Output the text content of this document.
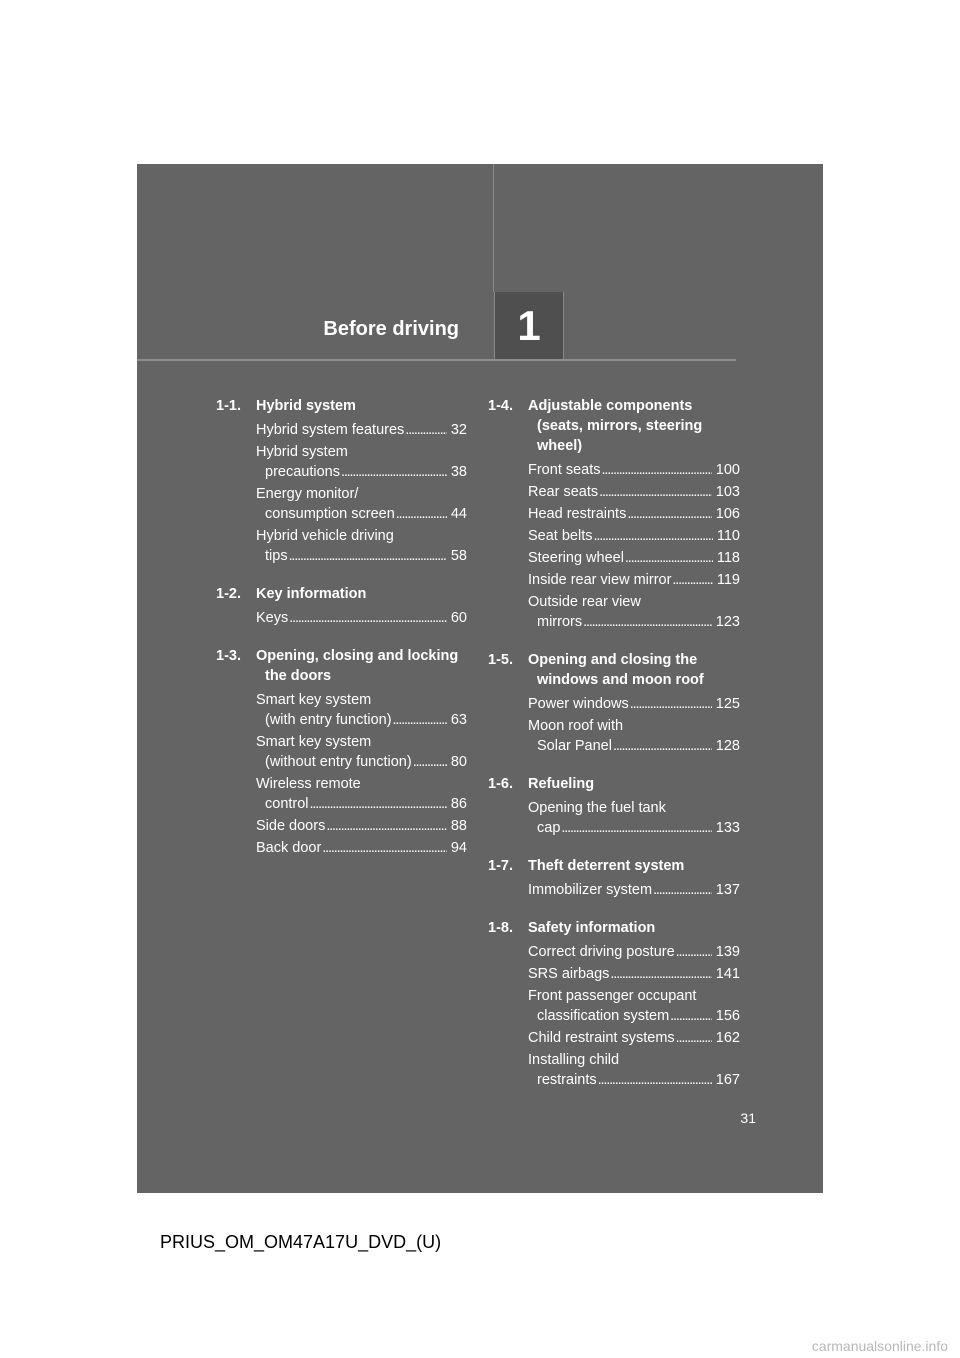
Before driving	1
1-1.	Hybrid system
Hybrid system features . . .	32
Hybrid system
precautions . . .	38
Energy monitor/
consumption screen . . .	44
Hybrid vehicle driving
tips . . .	58
1-2.	Key information
Keys . . .	60
1-3.	Opening, closing and locking
the doors
Smart key system
(with entry function) . . .	63
Smart key system
(without entry function) . . .	80
Wireless remote
control . . .	86
Side doors . . .	88
Back door . . .	94
1-4.	Adjustable components
(seats, mirrors, steering
wheel)
Front seats . . .	100
Rear seats . . .	103
Head restraints . . .	106
Seat belts . . .	110
Steering wheel . . .	118
Inside rear view mirror . . .	119
Outside rear view
mirrors . . .	123
1-5.	Opening and closing the
windows and moon roof
Power windows . . .	125
Moon roof with
Solar Panel . . .	128
1-6.	Refueling
Opening the fuel tank
cap . . .	133
1-7.	Theft deterrent system
Immobilizer system . . .	137
1-8.	Safety information
Correct driving posture . . .	139
SRS airbags . . .	141
Front passenger occupant
classification system . . .	156
Child restraint systems . . .	162
Installing child
restraints . . .	167
31
PRIUS_OM_OM47A17U_DVD_(U)
carmanualsonline.info
